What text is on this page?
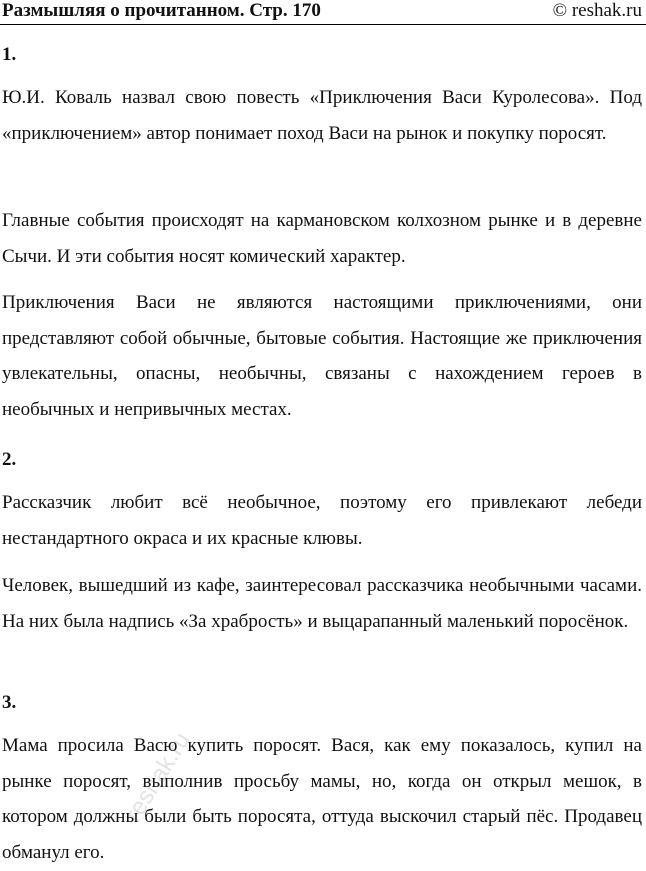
Размышляя о прочитанном. Стр. 170	© reshak.ru
1.
Ю.И. Коваль назвал свою повесть «Приключения Васи Куролесова». Под «приключением» автор понимает поход Васи на рынок и покупку поросят.
Главные события происходят на кармановском колхозном рынке и в деревне Сычи. И эти события носят комический характер.
Приключения Васи не являются настоящими приключениями, они представляют собой обычные, бытовые события. Настоящие же приключения увлекательны, опасны, необычны, связаны с нахождением героев в необычных и непривычных местах.
2.
Рассказчик любит всё необычное, поэтому его привлекают лебеди нестандартного окраса и их красные клювы.
Человек, вышедший из кафе, заинтересовал рассказчика необычными часами. На них была надпись «За храбрость» и выцарапанный маленький поросёнок.
3.
Мама просила Васю купить поросят. Вася, как ему показалось, купил на рынке поросят, выполнив просьбу мамы, но, когда он открыл мешок, в котором должны были быть поросята, оттуда выскочил старый пёс. Продавец обманул его.
reshak.ru
